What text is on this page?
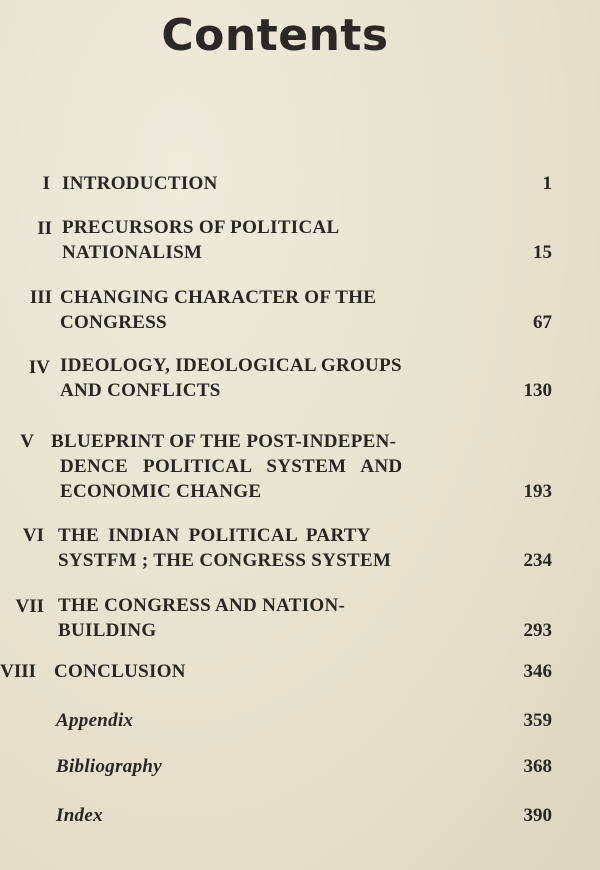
Contents
I INTRODUCTION	1
II PRECURSORS OF POLITICAL
NATIONALISM	15
III CHANGING CHARACTER OF THE
CONGRESS	67
IV IDEOLOGY, IDEOLOGICAL GROUPS
AND CONFLICTS	130
V BLUEPRINT OF THE POST-INDEPEN-
DENCE POLITICAL SYSTEM AND
ECONOMIC CHANGE	193
VI THE INDIAN POLITICAL PARTY
SYSTFM ; THE CONGRESS SYSTEM	234
VII THE CONGRESS AND NATION-
BUILDING	293
VIII CONCLUSION	346
Appendix	359
Bibliography	368
Index	390
